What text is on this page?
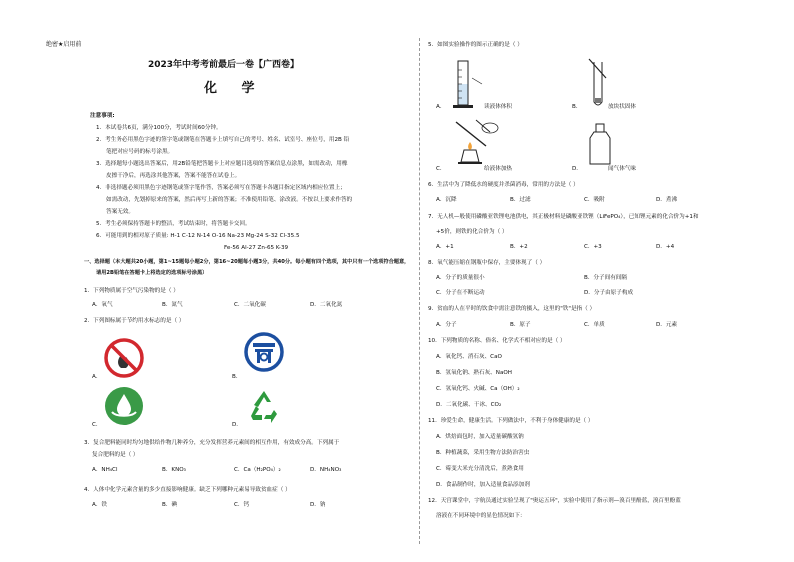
绝密★启用前
2023年中考考前最后一卷【广西卷】
化 学
注意事项:
1．本试卷共6页，满分100分，考试时间60分钟。
2．考生务必用黑色字迹的签字笔或钢笔在答题卡上填写自己的考号、姓名、试室号、座位号，用2B 铅
笔把对应号码的标号涂黑。
3．选择题每小题选出答案后，用2B铅笔把答题卡上对应题目选项的答案信息点涂黑，如需改动，用橡
皮擦干净后，再选涂其他答案，答案不能答在试卷上。
4．非选择题必须用黑色字迹钢笔或签字笔作答，答案必须写在答题卡各题目指定区域内相应位置上；
如需改动，先划掉原来的答案，然后再写上新的答案；不准使用铅笔、涂改液。不按以上要求作答的
答案无效。
5．考生必须保持答题卡的整洁，考试结束时，将答题卡交回。
6．可能用到的相对原子质量: H-1 C-12 N-14 O-16 Na-23 Mg-24 S-32 Cl-35.5
Fe-56 Al-27 Zn-65 K-39
一、选择题（本大题共20小题，第1~15题每小题2分，第16~20题每小题3分，共40分。每小题有四个选项，其中只有一个选项符合题意，
请用2B铅笔在答题卡上将选定的选项标号涂黑）
1．下列物质属于空气污染物的是（ ）
A．氧气	B．氮气	C．二氧化碳	D．二氧化氮
2．下列图标属于节约用水标志的是（ ）
A．	B．
C．	D．
3．复合肥料能同时均匀地供给作物几种养分，充分发挥营养元素间的相互作用，有效成分高。下列属于
复合肥料的是（ ）
A．NH₄Cl	B．KNO₃	C．Ca（H₂PO₄）₂	D．NH₄NO₃
4．人体中化学元素含量的多少直接影响健康。缺乏下列哪种元素易导致贫血症（ ）
A．铁	B．碘	C．钙	D．钠
5．如图实验操作的图示正确的是（ ）
A．	读液体体积	B．	放块状固体
C．	给液体加热	D．	闻气体气味
6．生活中为了降低水的硬度并杀菌消毒，常用的方法是（ ）
A．沉降	B．过滤	C．吸附	D．煮沸
7．无人机—般使用磷酸亚铁锂电池供电，其正极材料是磷酸亚铁锂（LiFePO₄），已知锂元素的化合价为+1和
+5价，则铁的化合价为（ ）
A．+1	B．+2	C．+3	D．+4
8．氧气能压缩在钢瓶中保存，主要体现了（ ）
A．分子的质量很小	B．分子间有间隔
C．分子在不断运动	D．分子由原子构成
9．贫血的人在平时的饮食中需注意铁的摄入，这里的"铁"是指（ ）
A．分子	B．原子	C．单质	D．元素
10．下列物质的名称、俗名、化学式不相对应的是（ ）
A．氧化钙、消石灰、CaO
B．氢氧化钠、熟石灰、NaOH
C．氢氧化钙、火碱、Ca（OH）₂
D．二氧化碳、干冰、CO₂
11．珍爱生命，健康生活。下列做法中，不利于身体健康的是（ ）
A．烘焙面包时，加入适量碳酸氢钠
B．种植蔬菜，采用生物方法防治害虫
C．霉变大米充分清洗后，煮熟食用
D．食品制作时，加入适量食品添加剂
12．天宫课堂中，宇航员通过实验呈现了"奥运五环"，实验中使用了指示剂—溴百里酚蓝，溴百里酚蓝
溶液在不同环境中的显色情况如下：
